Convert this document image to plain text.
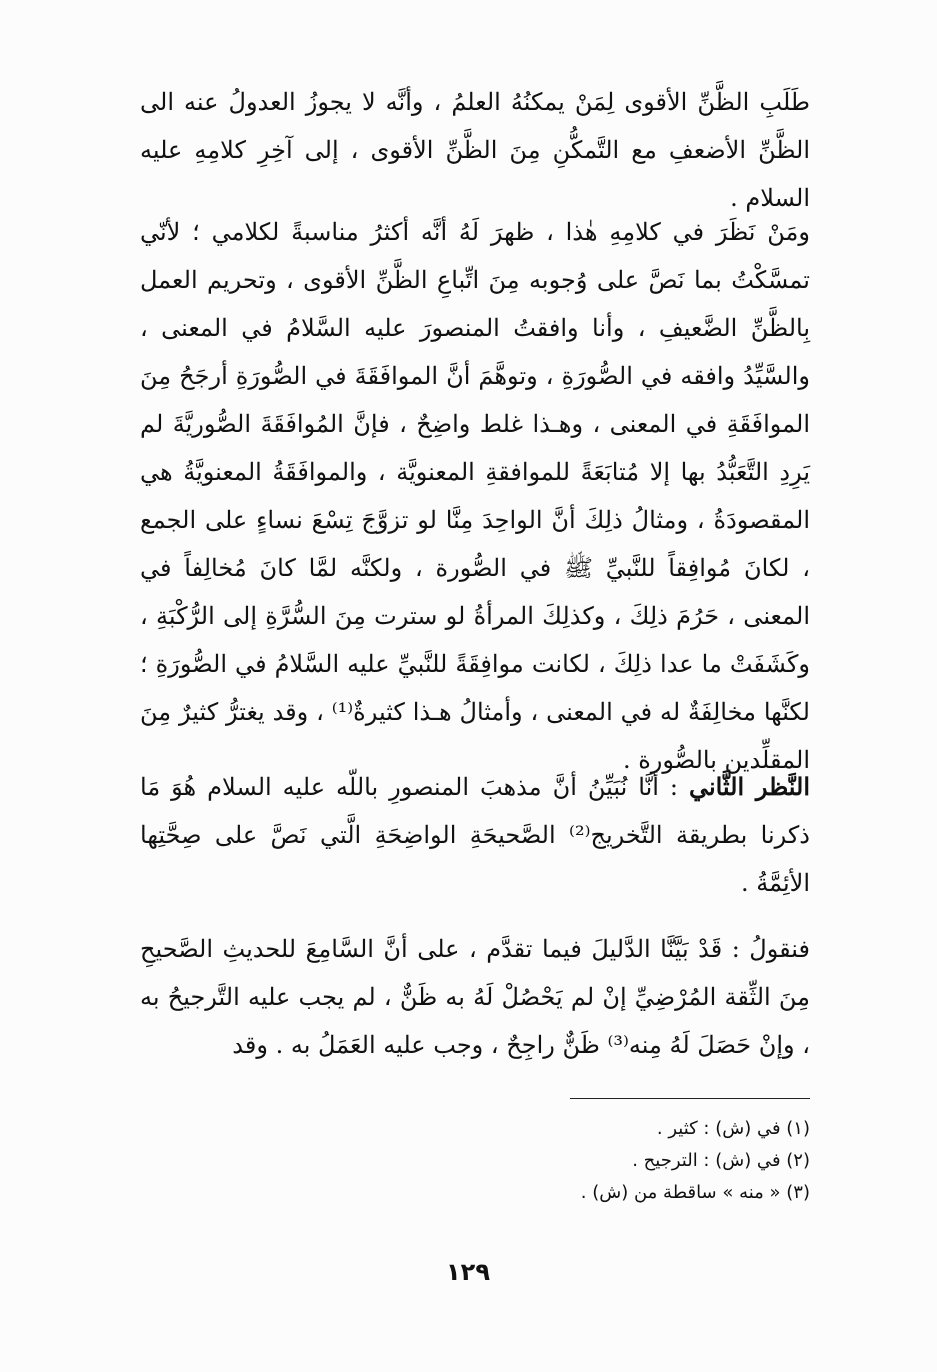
طَلَبِ الظَّنِّ الأقوى لِمَنْ يمكنُهُ العلمُ ، وأنَّه لا يجوزُ العدولُ عنه الى الظَّنِّ الأضعفِ مع التَّمكُّنِ مِنَ الظَّنِّ الأقوى ، إلى آخِرِ كلامِهِ عليه السلام .

ومَنْ نَظَرَ في كلامِهِ هٰذا ، ظهرَ لَهُ أنَّه أكثرُ مناسبةً لكلامي ؛ لأنّي تمسَّكْتُ بما نَصَّ على وُجوبه مِنَ اتِّباعِ الظَّنِّ الأقوى ، وتحريم العمل بِالظَّنِّ الضَّعيفِ ، وأنا وافقتُ المنصورَ عليه السَّلامُ في المعنى ، والسَّيِّدُ وافقه في الصُّورَةِ ، وتوهَّمَ أنَّ الموافَقَةَ في الصُّورَةِ أرجَحُ مِنَ الموافَقَةِ في المعنى ، وهـذا غلط واضِحٌ ، فإنَّ المُوافَقَةَ الصُّوريَّةَ لم يَرِدِ التَّعَبُّدُ بها إلا مُتابَعَةً للموافقةِ المعنويَّة ، والموافَقَةُ المعنويَّةُ هي المقصودَةُ ، ومثالُ ذلِكَ أنَّ الواحِدَ مِنَّا لو تزوَّجَ تِسْعَ نساءٍ على الجمع ، لكانَ مُوافِقاً للنَّبيِّ ﷺ في الصُّورة ، ولكنَّه لمَّا كانَ مُخالِفاً في المعنى ، حَرُمَ ذلِكَ ، وكذلِكَ المرأةُ لو سترت مِنَ السُّرَّةِ إلى الرُّكْبَةِ ، وكَشَفَتْ ما عدا ذلِكَ ، لكانت موافِقَةً للنَّبيِّ عليه السَّلامُ في الصُّورَةِ ؛ لكنَّها مخالِفَةٌ له في المعنى ، وأمثالُ هـذا كثيرةٌ⁽¹⁾ ، وقد يغترُّ كثيرٌ مِنَ المقلِّدين بالصُّورة .

النَّظر الثَّاني : أنَّا نُبَيِّنُ أنَّ مذهبَ المنصورِ باللّه عليه السلام هُوَ مَا ذكرنا بطريقة التَّخريج⁽²⁾ الصَّحيحَةِ الواضِحَةِ الَّتي نَصَّ على صِحَّتِها الأئِمَّةُ .

فنقولُ : قَدْ بَيَّنَّا الدَّليلَ فيما تقدَّم ، على أنَّ السَّامِعَ للحديثِ الصَّحيحِ مِنَ الثِّقة المُرْضِيِّ إنْ لم يَحْصُلْ لَهُ به ظَنٌّ ، لم يجب عليه التَّرجيحُ به ، وإنْ حَصَلَ لَهُ مِنه⁽³⁾ ظَنٌّ راجِحٌ ، وجب عليه العَمَلُ به . وقد

(١) في (ش) : كثير .
(٢) في (ش) : الترجيح .
(٣) « منه » ساقطة من (ش) .
١٢٩
